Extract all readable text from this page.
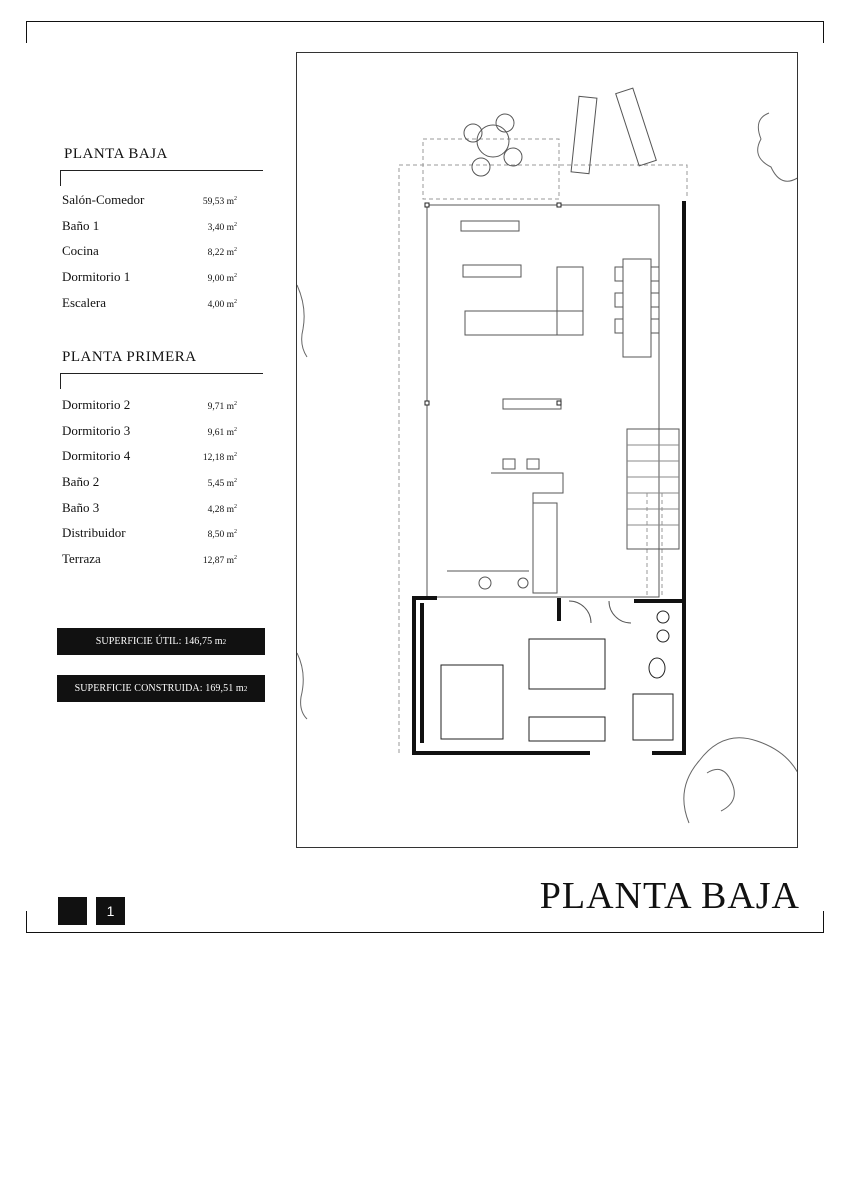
PLANTA BAJA
Salón-Comedor	59,53 $m^2$
Baño 1	3,40 $m^2$
Cocina	8,22 $m^2$
Dormitorio 1	9,00 $m^2$
Escalera	4,00 $m^2$
PLANTA PRIMERA
Dormitorio 2	9,71 $m^2$
Dormitorio 3	9,61 $m^2$
Dormitorio 4	12,18 $m^2$
Baño 2	5,45 $m^2$
Baño 3	4,28 $m^2$
Distribuidor	8,50 $m^2$
Terraza	12,87 $m^2$
SUPERFICIE ÚTIL: 146,75 m 2
SUPERFICIE CONSTRUIDA: 169,51 m 2
1	PLANTA BAJA
